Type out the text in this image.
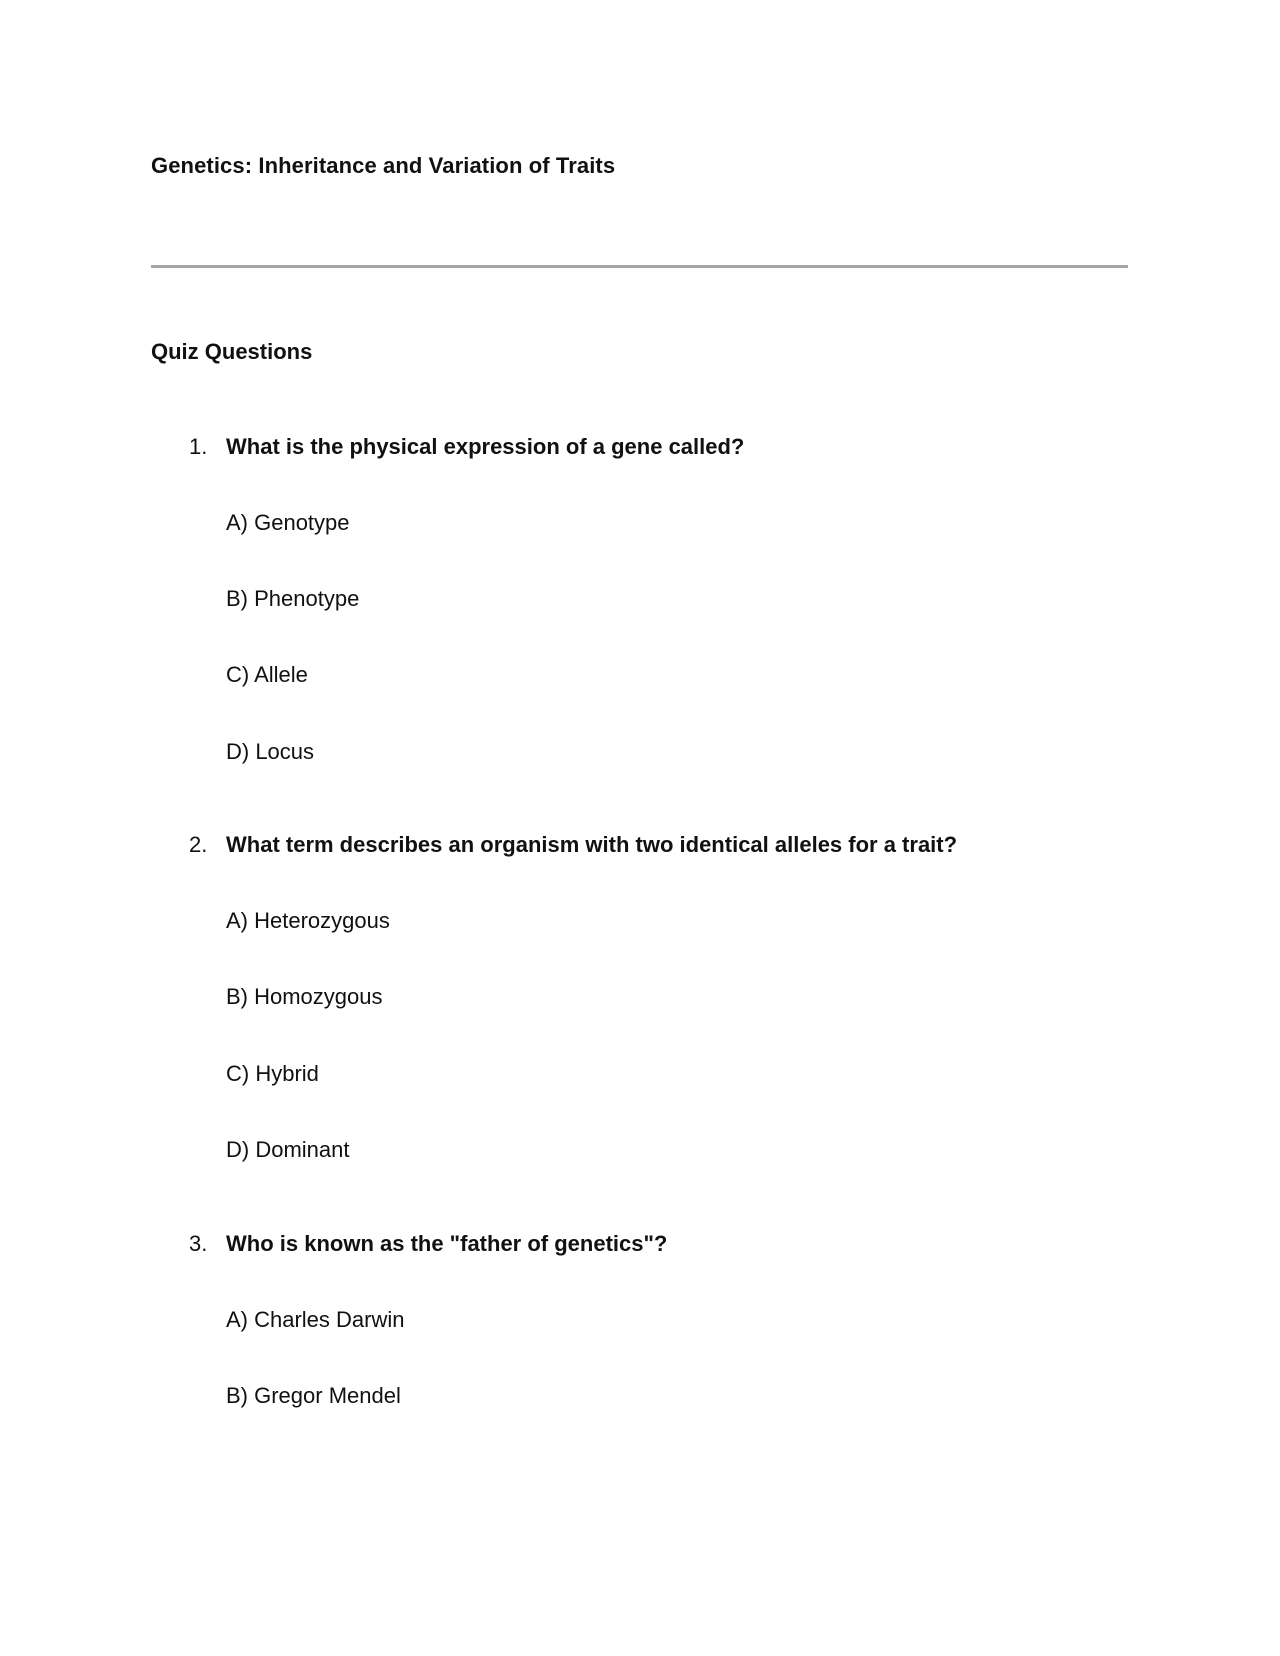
Genetics: Inheritance and Variation of Traits
Quiz Questions
1. What is the physical expression of a gene called?
A) Genotype
B) Phenotype
C) Allele
D) Locus
2. What term describes an organism with two identical alleles for a trait?
A) Heterozygous
B) Homozygous
C) Hybrid
D) Dominant
3. Who is known as the "father of genetics"?
A) Charles Darwin
B) Gregor Mendel
